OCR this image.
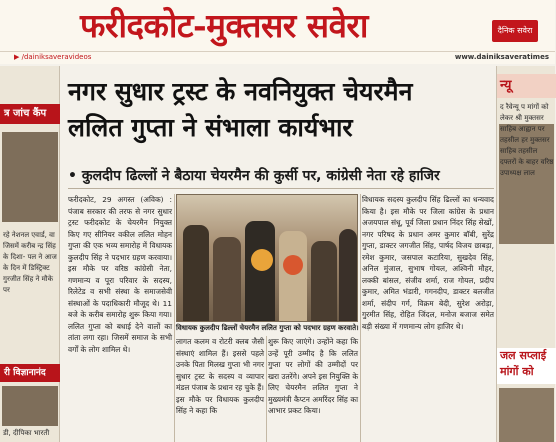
फरीदकोट-मुक्तसर सवेरा	दैनिक सवेरा
▶ /dainiksaveravideos	www.dainiksaveratimes
त्र जांच कैंप
रहे नेशनल एवार्ड, वा जिसमें करीब न्द्र सिंह के दिशा- पल ने आज के दिन में डिस्ट्रिक्ट गुरजीत सिंह ने मौके पर
री विज्ञानानंद
डी, दीपिका भारती
न्यू
द रैवेन्यू प मांगों को लेकर श्री मुक्तसर साहिब आह्वान पर तहसील हर मुक्तसर साहिब तहसील दफ्तरों के बाहर वरिष्ठ उपाध्यक्ष लाल
जल सप्लाई मांगों को
नगर सुधार ट्रस्ट के नवनियुक्त चेयरमैन
ललित गुप्ता ने संभाला कार्यभार
• कुलदीप ढिल्लों ने बैठाया चेयरमैन की कुर्सी पर, कांग्रेसी नेता रहे हाजिर
फरीदकोट, 29 अगस्त (अविक) : पंजाब सरकार की तरफ से नगर सुधार ट्रस्ट फरीदकोट के चेयरमैन नियुक्त किए गए सीनियर वकील ललित मोहन गुप्ता की एक भव्य समारोह में विधायक कुलदीप सिंह ने पदभार ग्रहण करवाया। इस मौके पर वरिष्ठ कांग्रेसी नेता, गणमान्य व पूरा परिवार के सदस्य, रिलेटेड व सभी संस्था के समाजसेवी संस्थाओं के पदाधिकारी मौजूद थे। 11 बजे के करीब समारोह शुरू किया गया। ललित गुप्ता को बधाई देने वालों का तांता लगा रहा। जिसमें समाज के सभी वर्गों के लोग शामिल थे।
विधायक कुलदीप ढिल्लों चेयरमैन ललित गुप्ता को पदभार ग्रहण करवाते।
लागत कलम व रोटरी क्लब जैसी संस्थाएं शामिल हैं। इससे पहले उनके पिता मिलख गुप्ता भी नगर सुधार ट्रस्ट के सदस्य व व्यापार मंडल पंजाब के प्रधान रह चुके हैं। इस मौके पर विधायक कुलदीप सिंह ने कहा कि
शुरू किए जाएंगे। उन्होंने कहा कि उन्हें पूरी उम्मीद है कि ललित गुप्ता पर लोगों की उम्मीदों पर खरा उतरेंगे। अपने इस नियुक्ति के लिए चेयरमैन ललित गुप्ता ने मुख्यमंत्री कैप्टन अमरिंदर सिंह का आभार प्रकट किया।
विधायक सदस्य कुलदीप सिंह ढिल्लों का धन्यवाद किया है। इस मौके पर जिला कांग्रेस के प्रधान अजयपाल संधू, पूर्व जिला प्रधान निंदर सिंह सेखों, नगर परिषद के प्रधान अमर कुमार बॉबी, सुरेंद्र गुप्ता, डाक्टर जगजीत सिंह, पार्षद विजय छाबड़ा, रमेश कुमार, जसपाल कटारिया, सुखदेव सिंह, अनिल मुंजाल, सुभाष गोयल, अश्विनी मौहर, लक्की बांसल, संजीव शर्मा, राज गोयल, प्रदीप कुमार, अमित भंडारी, गगनदीप, डाक्टर बलजीत शर्मा, संदीप गर्ग, विक्रम बेदी, सुरेश अरोड़ा, गुरमीत सिंह, रोहित जिंदल, मनोज बजाज समेत बड़ी संख्या में गणमान्य लोग हाजिर थे।
